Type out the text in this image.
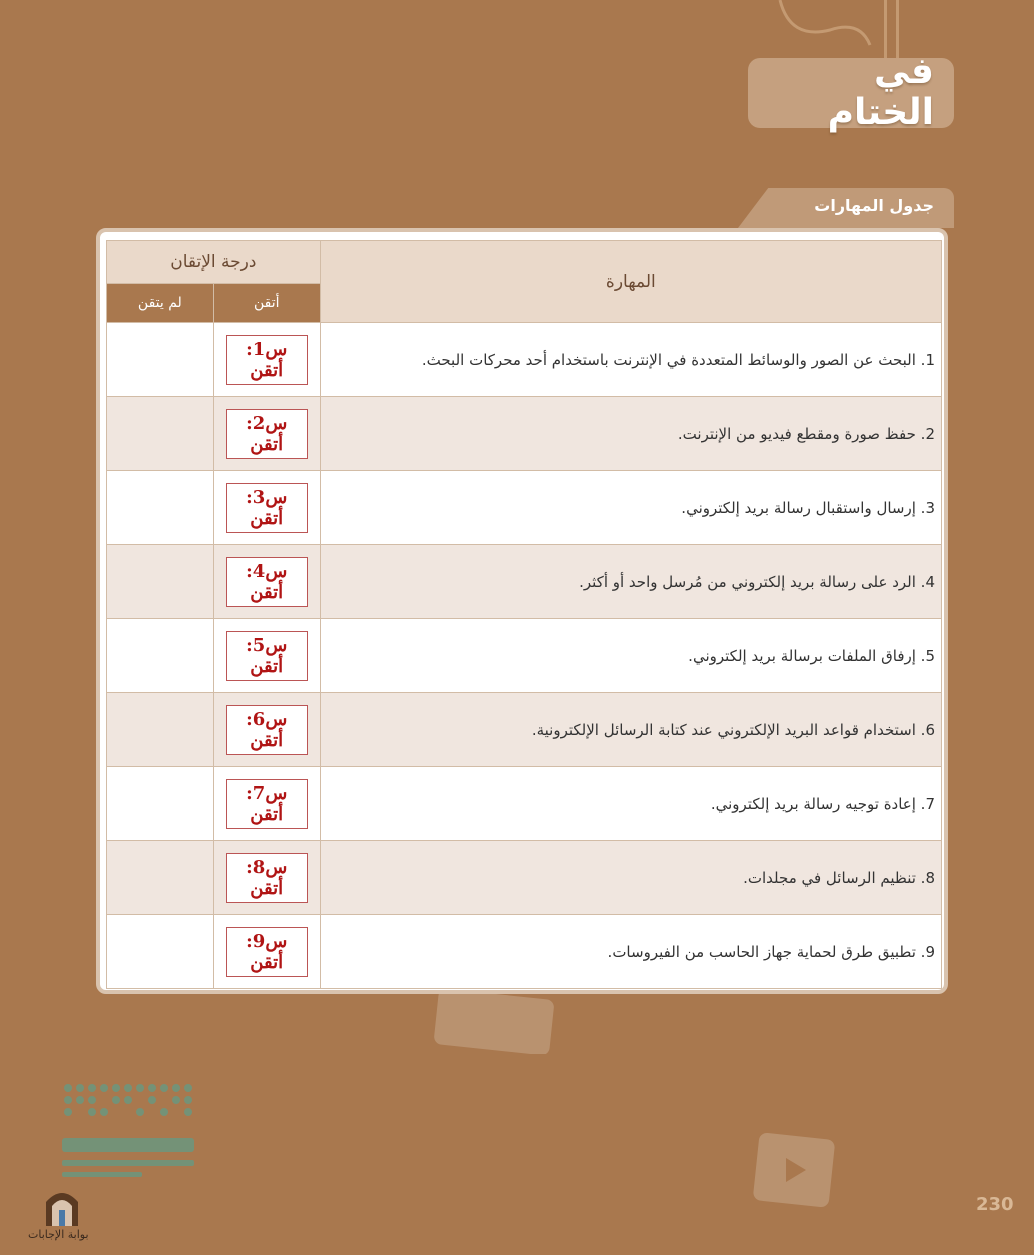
في الختام
جدول المهارات
المهارة	درجة الإتقان	
	أتقن	لم يتقن
1. البحث عن الصور والوسائط المتعددة في الإنترنت باستخدام أحد محركات البحث.	س1: أتقن	
2. حفظ صورة ومقطع فيديو من الإنترنت.	س2: أتقن	
3. إرسال واستقبال رسالة بريد إلكتروني.	س3: أتقن	
4. الرد على رسالة بريد إلكتروني من مُرسل واحد أو أكثر.	س4: أتقن	
5. إرفاق الملفات برسالة بريد إلكتروني.	س5: أتقن	
6. استخدام قواعد البريد الإلكتروني عند كتابة الرسائل الإلكترونية.	س6: أتقن	
7. إعادة توجيه رسالة بريد إلكتروني.	س7: أتقن	
8. تنظيم الرسائل في مجلدات.	س8: أتقن	
9. تطبيق طرق لحماية جهاز الحاسب من الفيروسات.	س9: أتقن	
بوابة الإجابات
230
